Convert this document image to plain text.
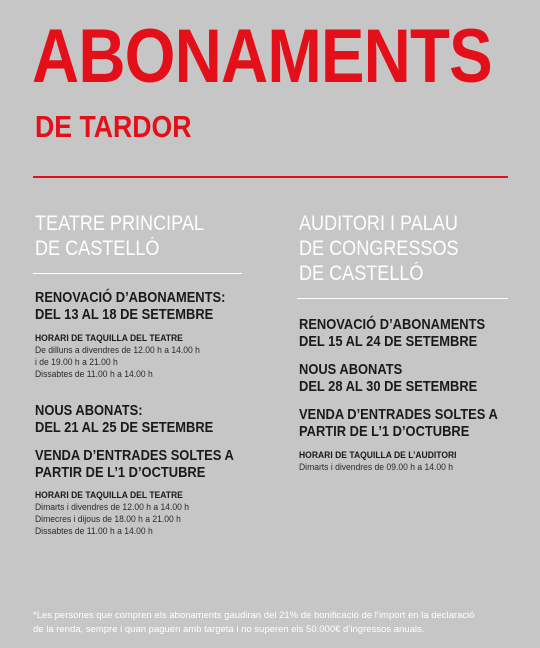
ABONAMENTS
DE TARDOR
TEATRE PRINCIPAL
DE CASTELLÓ
RENOVACIÓ D’ABONAMENTS:
DEL 13 AL 18 DE SETEMBRE
HORARI DE TAQUILLA DEL TEATRE
De dilluns a divendres de 12.00 h a 14.00 h
i de 19.00 h a 21.00 h
Dissabtes de 11.00 h a 14.00 h
NOUS ABONATS:
DEL 21 AL 25 DE SETEMBRE
VENDA D’ENTRADES SOLTES A
PARTIR DE L’1 D’OCTUBRE
HORARI DE TAQUILLA DEL TEATRE
Dimarts i divendres de 12.00 h a 14.00 h
Dimecres i dijous de 18.00 h a 21.00 h
Dissabtes de 11.00 h a 14.00 h
AUDITORI I PALAU
DE CONGRESSOS
DE CASTELLÓ
RENOVACIÓ D’ABONAMENTS
DEL 15 AL 24 DE SETEMBRE
NOUS ABONATS
DEL 28 AL 30 DE SETEMBRE
VENDA D’ENTRADES SOLTES A
PARTIR DE L’1 D’OCTUBRE
HORARI DE TAQUILLA DE L’AUDITORI
Dimarts i divendres de 09.00 h a 14.00 h
*Les persones que compren els abonaments gaudiran del 21% de bonificació de l’import en la declaració
de la renda, sempre i quan paguen amb targeta i no superen els 50.000€ d’ingressos anuals.
